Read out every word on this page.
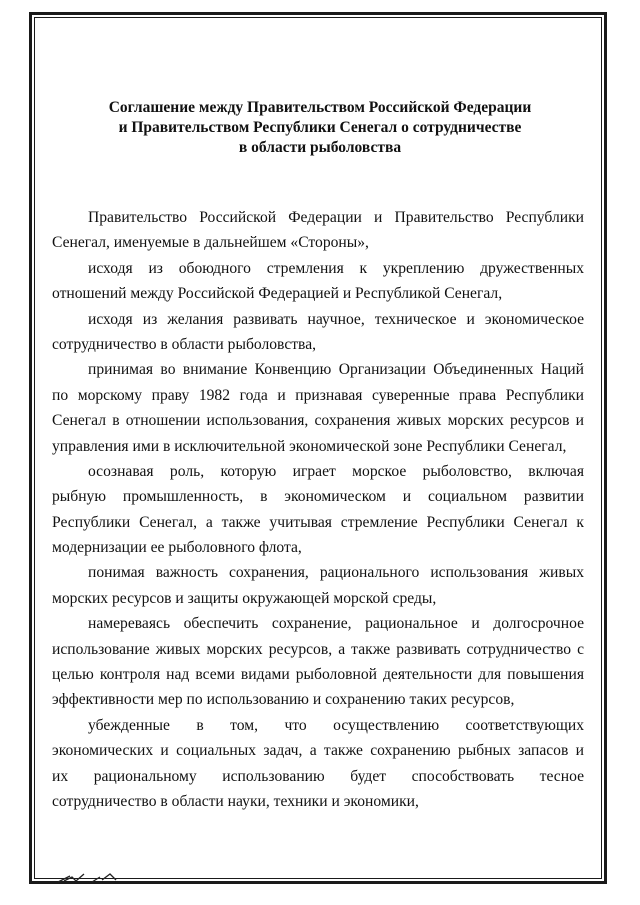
Соглашение между Правительством Российской Федерации
и Правительством Республики Сенегал о сотрудничестве
в области рыболовства
Правительство Российской Федерации и Правительство Республики
Сенегал, именуемые в дальнейшем «Стороны»,
исходя из обоюдного стремления к укреплению дружественных
отношений между Российской Федерацией и Республикой Сенегал,
исходя из желания развивать научное, техническое и экономическое
сотрудничество в области рыболовства,
принимая во внимание Конвенцию Организации Объединенных Наций
по морскому праву 1982 года и признавая суверенные права Республики
Сенегал в отношении использования, сохранения живых морских ресурсов и
управления ими в исключительной экономической зоне Республики Сенегал,
осознавая роль, которую играет морское рыболовство, включая
рыбную промышленность, в экономическом и социальном развитии
Республики Сенегал, а также учитывая стремление Республики Сенегал к
модернизации ее рыболовного флота,
понимая важность сохранения, рационального использования живых
морских ресурсов и защиты окружающей морской среды,
намереваясь обеспечить сохранение, рациональное и долгосрочное
использование живых морских ресурсов, а также развивать сотрудничество с
целью контроля над всеми видами рыболовной деятельности для повышения
эффективности мер по использованию и сохранению таких ресурсов,
убежденные в том, что осуществлению соответствующих
экономических и социальных задач, а также сохранению рыбных запасов и
их рациональному использованию будет способствовать тесное
сотрудничество в области науки, техники и экономики,
